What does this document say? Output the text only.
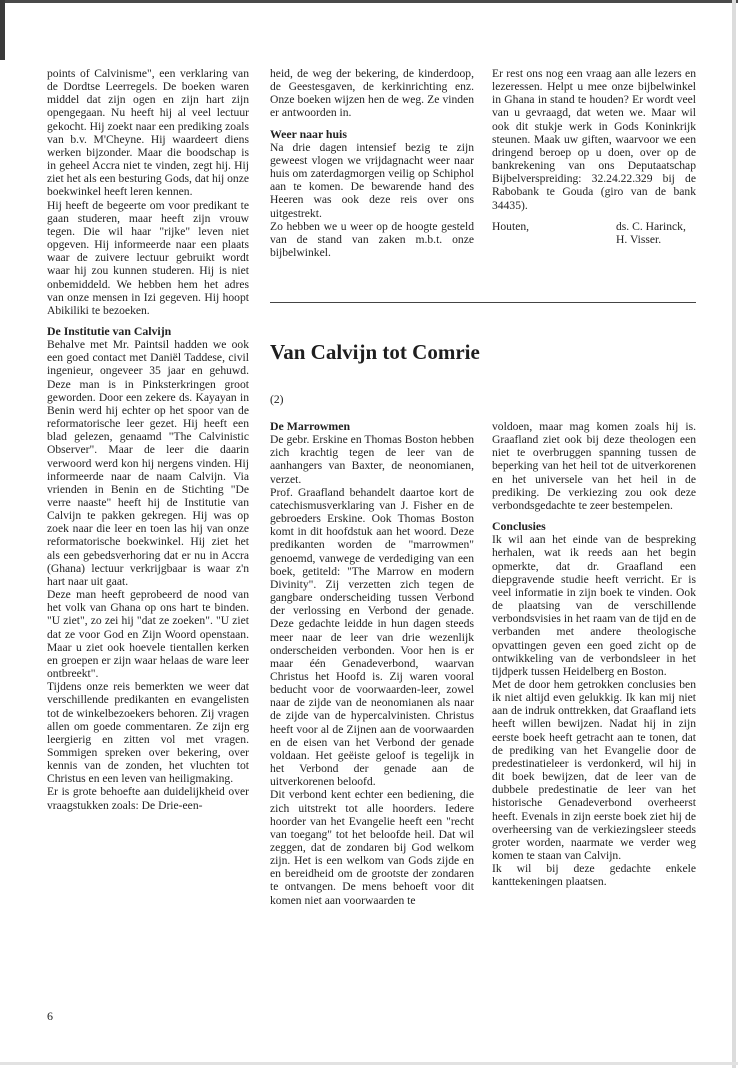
points of Calvinisme", een verklaring van de Dordtse Leerregels. De boeken waren middel dat zijn ogen en zijn hart zijn opengegaan. Nu heeft hij al veel lectuur gekocht. Hij zoekt naar een prediking zoals van b.v. M'Cheyne. Hij waardeert diens werken bijzonder. Maar die boodschap is in geheel Accra niet te vinden, zegt hij. Hij ziet het als een besturing Gods, dat hij onze boekwinkel heeft leren kennen.

Hij heeft de begeerte om voor predikant te gaan studeren, maar heeft zijn vrouw tegen. Die wil haar "rijke" leven niet opgeven. Hij informeerde naar een plaats waar de zuivere lectuur gebruikt wordt waar hij zou kunnen studeren. Hij is niet onbemiddeld. We hebben hem het adres van onze mensen in Izi gegeven. Hij hoopt Abikiliki te bezoeken.

De Institutie van Calvijn

Behalve met Mr. Paintsil hadden we ook een goed contact met Daniël Taddese, civil ingenieur, ongeveer 35 jaar en gehuwd. Deze man is in Pinksterkringen groot geworden. Door een zekere ds. Kayayan in Benin werd hij echter op het spoor van de reformatorische leer gezet. Hij heeft een blad gelezen, genaamd "The Calvinistic Observer". Maar de leer die daarin verwoord werd kon hij nergens vinden. Hij informeerde naar de naam Calvijn. Via vrienden in Benin en de Stichting "De verre naaste" heeft hij de Institutie van Calvijn te pakken gekregen. Hij was op zoek naar die leer en toen las hij van onze reformatorische boekwinkel. Hij ziet het als een gebedsverhoring dat er nu in Accra (Ghana) lectuur verkrijgbaar is waar z'n hart naar uit gaat.

Deze man heeft geprobeerd de nood van het volk van Ghana op ons hart te binden. "U ziet", zo zei hij "dat ze zoeken". "U ziet dat ze voor God en Zijn Woord openstaan. Maar u ziet ook hoevele tientallen kerken en groepen er zijn waar helaas de ware leer ontbreekt".

Tijdens onze reis bemerkten we weer dat verschillende predikanten en evangelisten tot de winkelbezoekers behoren. Zij vragen allen om goede commentaren. Ze zijn erg leergierig en zitten vol met vragen. Sommigen spreken over bekering, over kennis van de zonden, het vluchten tot Christus en een leven van heiligmaking.

Er is grote behoefte aan duidelijkheid over vraagstukken zoals: De Drie-een-

heid, de weg der bekering, de kinderdoop, de Geestesgaven, de kerkinrichting enz. Onze boeken wijzen hen de weg. Ze vinden er antwoorden in.

Weer naar huis

Na drie dagen intensief bezig te zijn geweest vlogen we vrijdagnacht weer naar huis om zaterdagmorgen veilig op Schiphol aan te komen. De bewarende hand des Heeren was ook deze reis over ons uitgestrekt.

Zo hebben we u weer op de hoogte gesteld van de stand van zaken m.b.t. onze bijbelwinkel.

Er rest ons nog een vraag aan alle lezers en lezeressen. Helpt u mee onze bijbelwinkel in Ghana in stand te houden? Er wordt veel van u gevraagd, dat weten we. Maar wil ook dit stukje werk in Gods Koninkrijk steunen. Maak uw giften, waarvoor we een dringend beroep op u doen, over op de bankrekening van ons Deputaatschap Bijbelverspreiding: 32.24.22.329 bij de Rabobank te Gouda (giro van de bank 34435).

Houten,	ds. C. Harinck,
H. Visser.
Van Calvijn tot Comrie
(2)
De Marrowmen

De gebr. Erskine en Thomas Boston hebben zich krachtig tegen de leer van de aanhangers van Baxter, de neonomianen, verzet.

Prof. Graafland behandelt daartoe kort de catechismusverklaring van J. Fisher en de gebroeders Erskine. Ook Thomas Boston komt in dit hoofdstuk aan het woord. Deze predikanten worden de "marrowmen" genoemd, vanwege de verdediging van een boek, getiteld: "The Marrow en modern Divinity". Zij verzetten zich tegen de gangbare onderscheiding tussen Verbond der verlossing en Verbond der genade. Deze gedachte leidde in hun dagen steeds meer naar de leer van drie wezenlijk onderscheiden verbonden. Voor hen is er maar één Genadeverbond, waarvan Christus het Hoofd is. Zij waren vooral beducht voor de voorwaarden-leer, zowel naar de zijde van de neonomianen als naar de zijde van de hypercalvinisten. Christus heeft voor al de Zijnen aan de voorwaarden en de eisen van het Verbond der genade voldaan. Het geëiste geloof is tegelijk in het Verbond der genade aan de uitverkorenen beloofd.

Dit verbond kent echter een bediening, die zich uitstrekt tot alle hoorders. Iedere hoorder van het Evangelie heeft een "recht van toegang" tot het beloofde heil. Dat wil zeggen, dat de zondaren bij God welkom zijn. Het is een welkom van Gods zijde en en bereidheid om de grootste der zondaren te ontvangen. De mens behoeft voor dit komen niet aan voorwaarden te

voldoen, maar mag komen zoals hij is. Graafland ziet ook bij deze theologen een niet te overbruggen spanning tussen de beperking van het heil tot de uitverkorenen en het universele van het heil in de prediking. De verkiezing zou ook deze verbondsgedachte te zeer bestempelen.

Conclusies

Ik wil aan het einde van de bespreking herhalen, wat ik reeds aan het begin opmerkte, dat dr. Graafland een diepgravende studie heeft verricht. Er is veel informatie in zijn boek te vinden. Ook de plaatsing van de verschillende verbondsvisies in het raam van de tijd en de verbanden met andere theologische opvattingen geven een goed zicht op de ontwikkeling van de verbondsleer in het tijdperk tussen Heidelberg en Boston.

Met de door hem getrokken conclusies ben ik niet altijd even gelukkig. Ik kan mij niet aan de indruk onttrekken, dat Graafland iets heeft willen bewijzen. Nadat hij in zijn eerste boek heeft getracht aan te tonen, dat de prediking van het Evangelie door de predestinatieleer is verdonkerd, wil hij in dit boek bewijzen, dat de leer van de dubbele predestinatie de leer van het historische Genadeverbond overheerst heeft. Evenals in zijn eerste boek ziet hij de overheersing van de verkiezingsleer steeds groter worden, naarmate we verder weg komen te staan van Calvijn.

Ik wil bij deze gedachte enkele kanttekeningen plaatsen.

6
